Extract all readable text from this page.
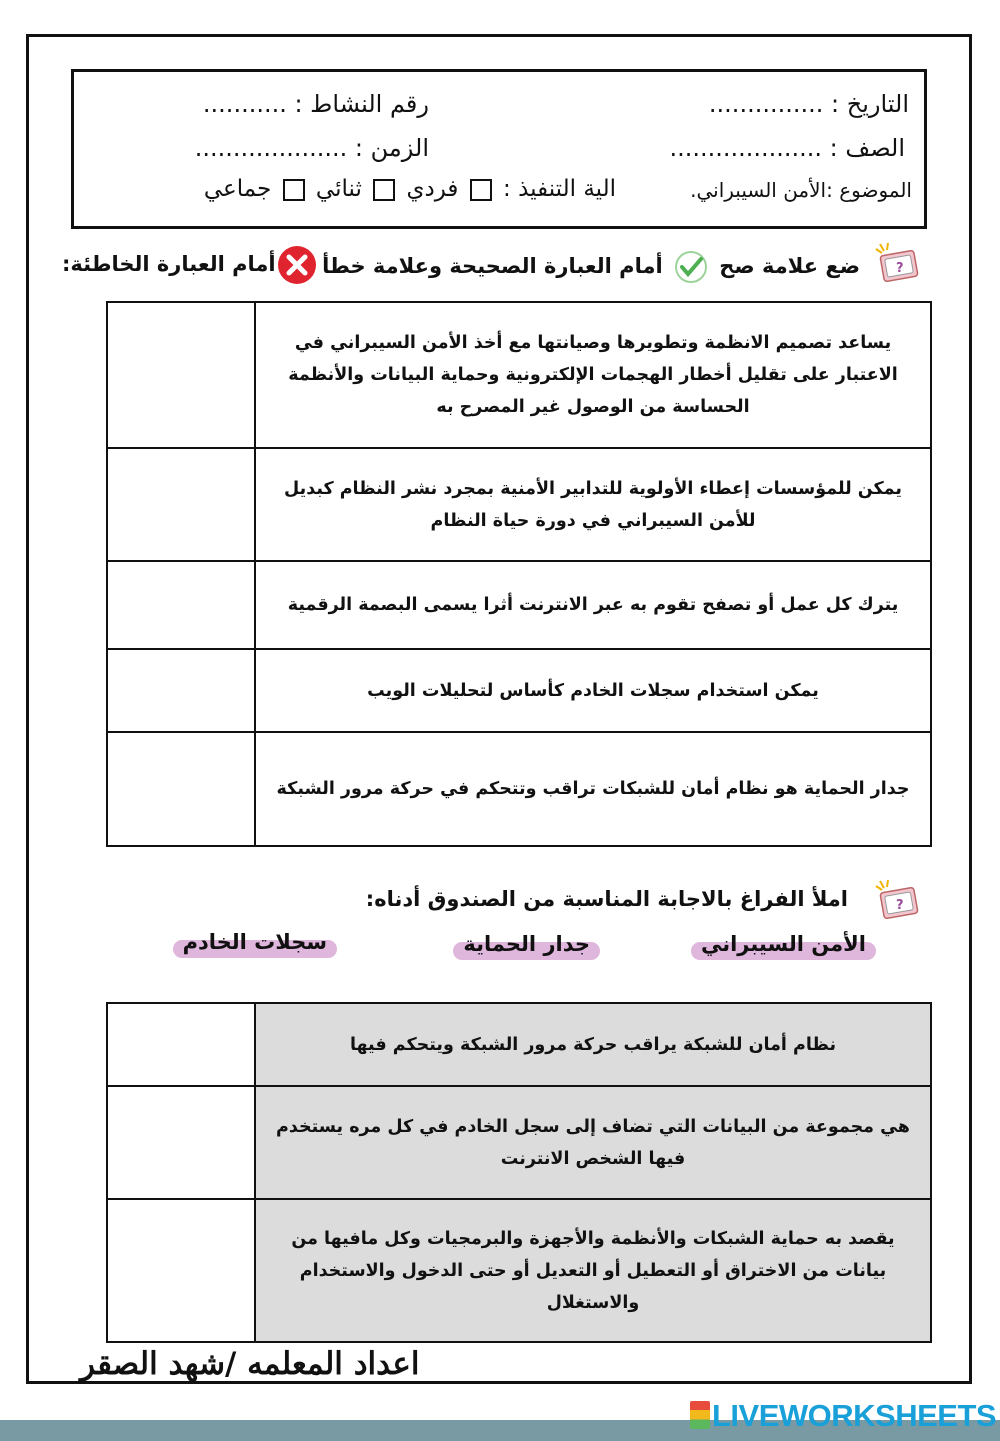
التاريخ : ...............
رقم النشاط : ...........
الصف : ....................
الزمن : ....................
الموضوع :الأمن السيبراني.
الية التنفيذ :  فردي  ثنائي  جماعي
?
ضع علامة صح  أمام العبارة الصحيحة وعلامة خطأ
أمام العبارة الخاطئة:
	يساعد تصميم الانظمة وتطويرها وصيانتها مع أخذ الأمن السيبراني في الاعتبار على تقليل أخطار الهجمات الإلكترونية وحماية البيانات والأنظمة الحساسة من الوصول غير المصرح به
	يمكن للمؤسسات إعطاء الأولوية للتدابير الأمنية بمجرد نشر النظام كبديل للأمن السيبراني في دورة حياة النظام
	يترك كل عمل أو تصفح تقوم به عبر الانترنت أثرا يسمى البصمة الرقمية
	يمكن استخدام سجلات الخادم كأساس لتحليلات الويب
	جدار الحماية هو نظام أمان للشبكات تراقب وتتحكم في حركة مرور الشبكة
?
املأ الفراغ بالاجابة المناسبة من الصندوق أدناه:
الأمن السيبراني
جدار الحماية
سجلات الخادم
	نظام أمان للشبكة يراقب حركة مرور الشبكة ويتحكم فيها
	هي مجموعة من البيانات التي تضاف إلى سجل الخادم في كل مره يستخدم فيها الشخص الانترنت
	يقصد به حماية الشبكات والأنظمة والأجهزة والبرمجيات وكل مافيها من بيانات من الاختراق أو التعطيل أو التعديل أو حتى الدخول والاستخدام والاستغلال
اعداد المعلمه /شهد الصقر
LIVEWORKSHEETS
